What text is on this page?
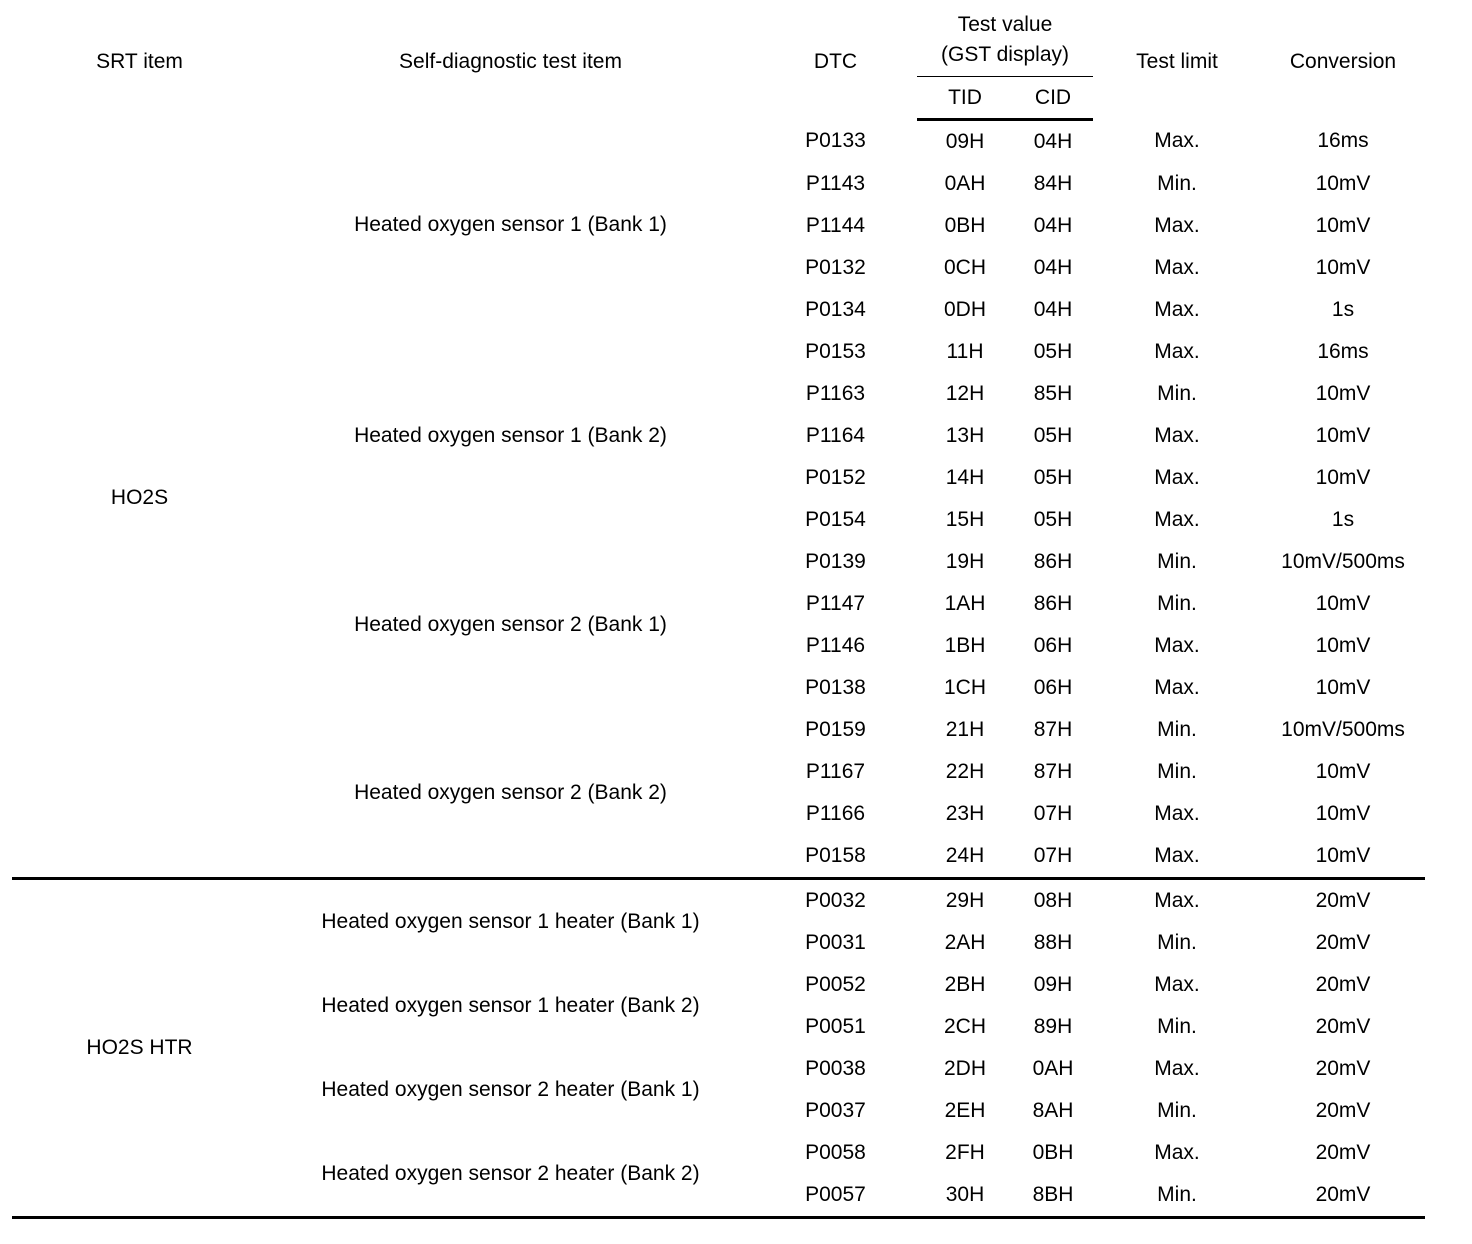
SRT item	Self-diagnostic test item	DTC	Test value
(GST display)		Test limit	Conversion
			TID	CID		
HO2S	Heated oxygen sensor 1 (Bank 1)	P0133	09H	04H	Max.	16ms
		P1143	0AH	84H	Min.	10mV
		P1144	0BH	04H	Max.	10mV
		P0132	0CH	04H	Max.	10mV
		P0134	0DH	04H	Max.	1s
	Heated oxygen sensor 1 (Bank 2)	P0153	11H	05H	Max.	16ms
		P1163	12H	85H	Min.	10mV
		P1164	13H	05H	Max.	10mV
		P0152	14H	05H	Max.	10mV
		P0154	15H	05H	Max.	1s
	Heated oxygen sensor 2 (Bank 1)	P0139	19H	86H	Min.	10mV/500ms
		P1147	1AH	86H	Min.	10mV
		P1146	1BH	06H	Max.	10mV
		P0138	1CH	06H	Max.	10mV
	Heated oxygen sensor 2 (Bank 2)	P0159	21H	87H	Min.	10mV/500ms
		P1167	22H	87H	Min.	10mV
		P1166	23H	07H	Max.	10mV
		P0158	24H	07H	Max.	10mV
HO2S HTR	Heated oxygen sensor 1 heater (Bank 1)	P0032	29H	08H	Max.	20mV
		P0031	2AH	88H	Min.	20mV
	Heated oxygen sensor 1 heater (Bank 2)	P0052	2BH	09H	Max.	20mV
		P0051	2CH	89H	Min.	20mV
	Heated oxygen sensor 2 heater (Bank 1)	P0038	2DH	0AH	Max.	20mV
		P0037	2EH	8AH	Min.	20mV
	Heated oxygen sensor 2 heater (Bank 2)	P0058	2FH	0BH	Max.	20mV
		P0057	30H	8BH	Min.	20mV
